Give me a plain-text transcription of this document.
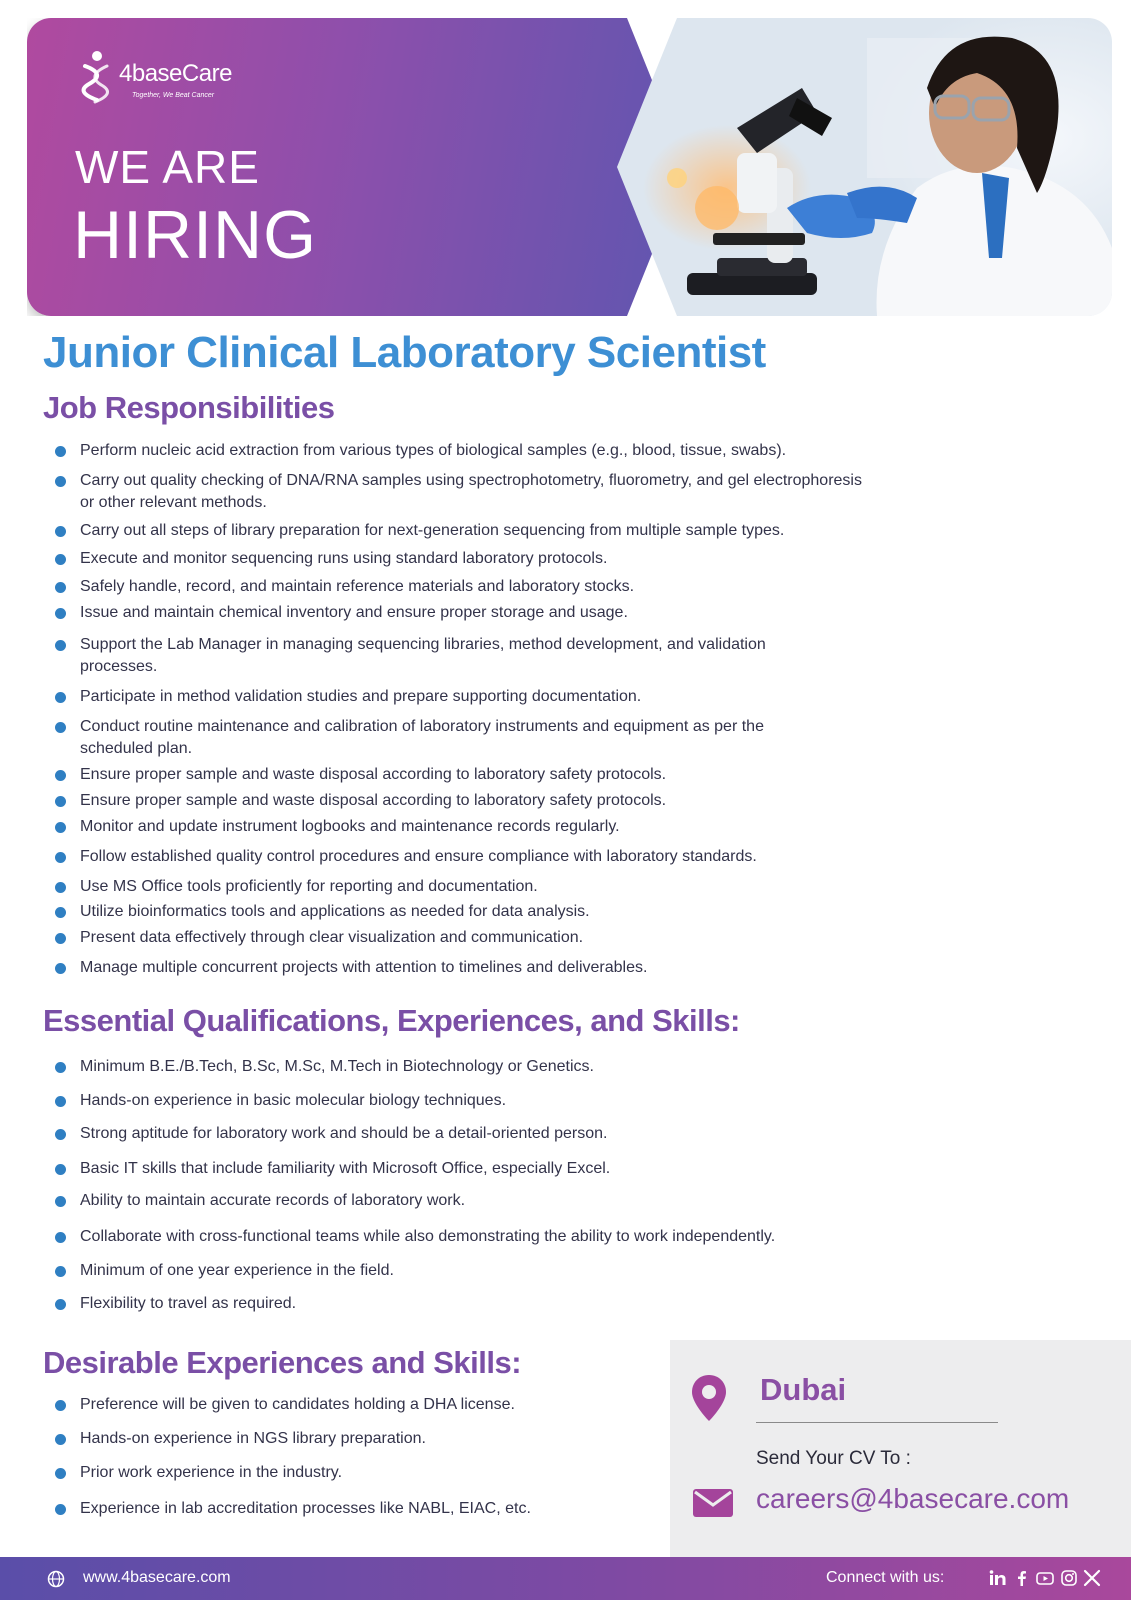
4baseCare
Together, We Beat Cancer
WE ARE
HIRING
Junior Clinical Laboratory Scientist
Job Responsibilities
Perform nucleic acid extraction from various types of biological samples (e.g., blood, tissue, swabs).
Carry out quality checking of DNA/RNA samples using spectrophotometry, fluorometry, and gel electrophoresis or other relevant methods.
Carry out all steps of library preparation for next-generation sequencing from multiple sample types.
Execute and monitor sequencing runs using standard laboratory protocols.
Safely handle, record, and maintain reference materials and laboratory stocks.
Issue and maintain chemical inventory and ensure proper storage and usage.
Support the Lab Manager in managing sequencing libraries, method development, and validation processes.
Participate in method validation studies and prepare supporting documentation.
Conduct routine maintenance and calibration of laboratory instruments and equipment as per the scheduled plan.
Ensure proper sample and waste disposal according to laboratory safety protocols.
Ensure proper sample and waste disposal according to laboratory safety protocols.
Monitor and update instrument logbooks and maintenance records regularly.
Follow established quality control procedures and ensure compliance with laboratory standards.
Use MS Office tools proficiently for reporting and documentation.
Utilize bioinformatics tools and applications as needed for data analysis.
Present data effectively through clear visualization and communication.
Manage multiple concurrent projects with attention to timelines and deliverables.
Essential Qualifications, Experiences, and Skills:
Minimum B.E./B.Tech, B.Sc, M.Sc, M.Tech in Biotechnology or Genetics.
Hands-on experience in basic molecular biology techniques.
Strong aptitude for laboratory work and should be a detail-oriented person.
Basic IT skills that include familiarity with Microsoft Office, especially Excel.
Ability to maintain accurate records of laboratory work.
Collaborate with cross-functional teams while also demonstrating the ability to work independently.
Minimum of one year experience in the field.
Flexibility to travel as required.
Desirable Experiences and Skills:
Preference will be given to candidates holding a DHA license.
Hands-on experience in NGS library preparation.
Prior work experience in the industry.
Experience in lab accreditation processes like NABL, EIAC, etc.
Dubai
Send Your CV To :
careers@4basecare.com
www.4basecare.com	Connect with us:
